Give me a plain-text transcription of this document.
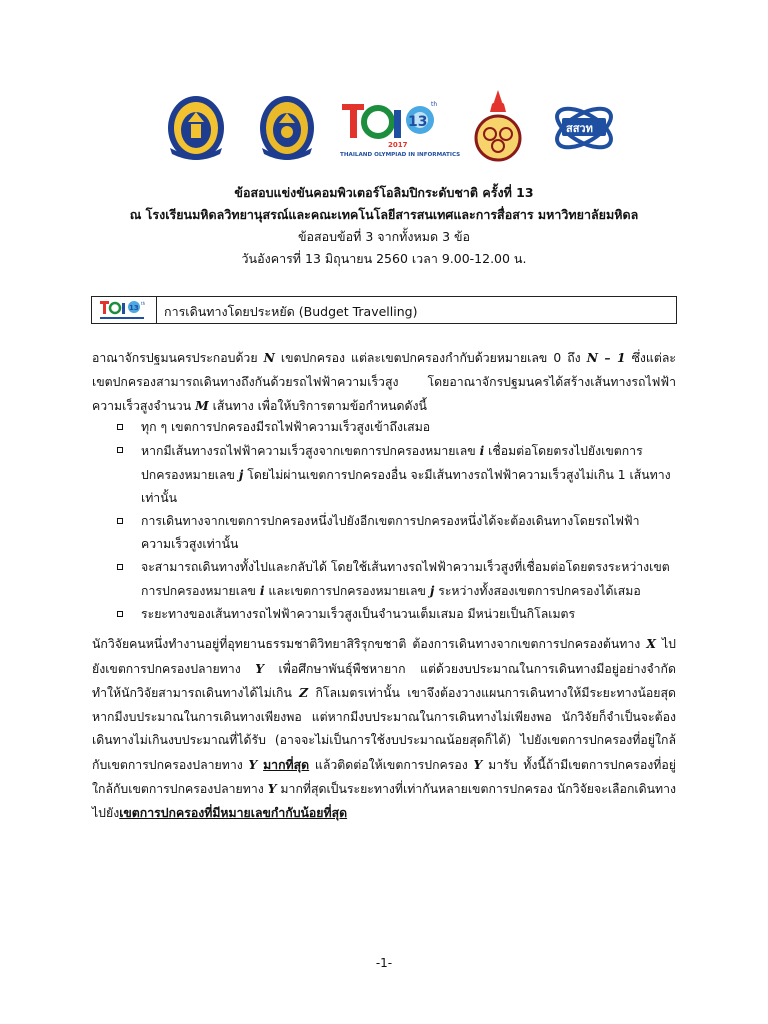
13
th
2017
THAILAND OLYMPIAD IN INFORMATICS
สสวท
ข้อสอบแข่งขันคอมพิวเตอร์โอลิมปิกระดับชาติ ครั้งที่ 13
ณ โรงเรียนมหิดลวิทยานุสรณ์และคณะเทคโนโลยีสารสนเทศและการสื่อสาร มหาวิทยาลัยมหิดล
ข้อสอบข้อที่ 3 จากทั้งหมด 3 ข้อ
วันอังคารที่ 13 มิถุนายน 2560 เวลา 9.00-12.00 น.
13
th
การเดินทางโดยประหยัด (Budget Travelling)
อาณาจักรปฐมนครประกอบด้วย N เขตปกครอง แต่ละเขตปกครองกำกับด้วยหมายเลข 0 ถึง N – 1 ซึ่งแต่ละเขตปกครองสามารถเดินทางถึงกันด้วยรถไฟฟ้าความเร็วสูง โดยอาณาจักรปฐมนครได้สร้างเส้นทางรถไฟฟ้าความเร็วสูงจำนวน M เส้นทาง เพื่อให้บริการตามข้อกำหนดดังนี้
ทุก ๆ เขตการปกครองมีรถไฟฟ้าความเร็วสูงเข้าถึงเสมอ
หากมีเส้นทางรถไฟฟ้าความเร็วสูงจากเขตการปกครองหมายเลข i เชื่อมต่อโดยตรงไปยังเขตการปกครองหมายเลข j โดยไม่ผ่านเขตการปกครองอื่น จะมีเส้นทางรถไฟฟ้าความเร็วสูงไม่เกิน 1 เส้นทางเท่านั้น
การเดินทางจากเขตการปกครองหนึ่งไปยังอีกเขตการปกครองหนึ่งได้จะต้องเดินทางโดยรถไฟฟ้าความเร็วสูงเท่านั้น
จะสามารถเดินทางทั้งไปและกลับได้ โดยใช้เส้นทางรถไฟฟ้าความเร็วสูงที่เชื่อมต่อโดยตรงระหว่างเขตการปกครองหมายเลข i และเขตการปกครองหมายเลข j ระหว่างทั้งสองเขตการปกครองได้เสมอ
ระยะทางของเส้นทางรถไฟฟ้าความเร็วสูงเป็นจำนวนเต็มเสมอ มีหน่วยเป็นกิโลเมตร
นักวิจัยคนหนึ่งทำงานอยู่ที่อุทยานธรรมชาติวิทยาสิริรุกขชาติ ต้องการเดินทางจากเขตการปกครองต้นทาง X ไปยังเขตการปกครองปลายทาง Y เพื่อศึกษาพันธุ์พืชหายาก แต่ด้วยงบประมาณในการเดินทางมีอยู่อย่างจำกัด ทำให้นักวิจัยสามารถเดินทางได้ไม่เกิน Z กิโลเมตรเท่านั้น เขาจึงต้องวางแผนการเดินทางให้มีระยะทางน้อยสุดหากมีงบประมาณในการเดินทางเพียงพอ แต่หากมีงบประมาณในการเดินทางไม่เพียงพอ นักวิจัยก็จำเป็นจะต้องเดินทางไม่เกินงบประมาณที่ได้รับ (อาจจะไม่เป็นการใช้งบประมาณน้อยสุดก็ได้) ไปยังเขตการปกครองที่อยู่ใกล้กับเขตการปกครองปลายทาง Y มากที่สุด แล้วติดต่อให้เขตการปกครอง Y มารับ ทั้งนี้ถ้ามีเขตการปกครองที่อยู่ใกล้กับเขตการปกครองปลายทาง Y มากที่สุดเป็นระยะทางที่เท่ากันหลายเขตการปกครอง นักวิจัยจะเลือกเดินทางไปยังเขตการปกครองที่มีหมายเลขกำกับน้อยที่สุด
-1-
